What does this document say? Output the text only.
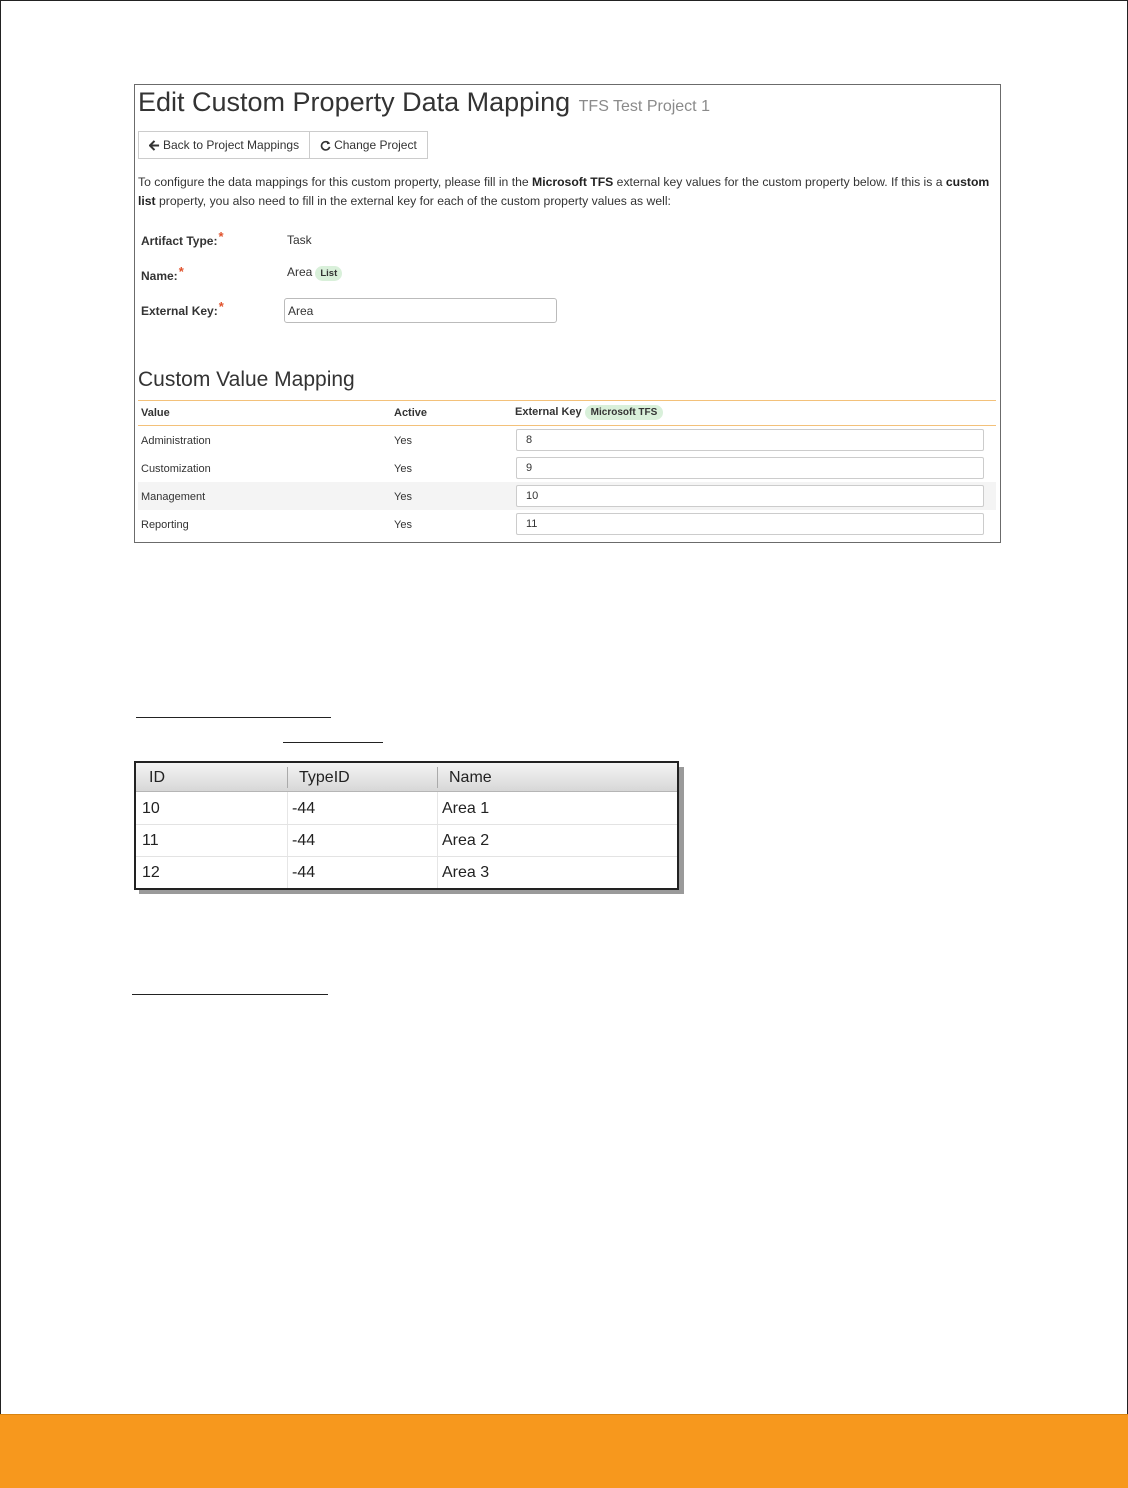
Edit Custom Property Data Mapping TFS Test Project 1
Back to Project Mappings	Change Project
To configure the data mappings for this custom property, please fill in the Microsoft TFS external key values for the custom property below. If this is a custom list property, you also need to fill in the external key for each of the custom property values as well:
Artifact Type:*	Task
Name:*	Area List
External Key:*	Area
Custom Value Mapping
Value	Active	External Key Microsoft TFS
Administration	Yes	8
Customization	Yes	9
Management	Yes	10
Reporting	Yes	11
ID	TypeID	Name
10	-44	Area 1
11	-44	Area 2
12	-44	Area 3
